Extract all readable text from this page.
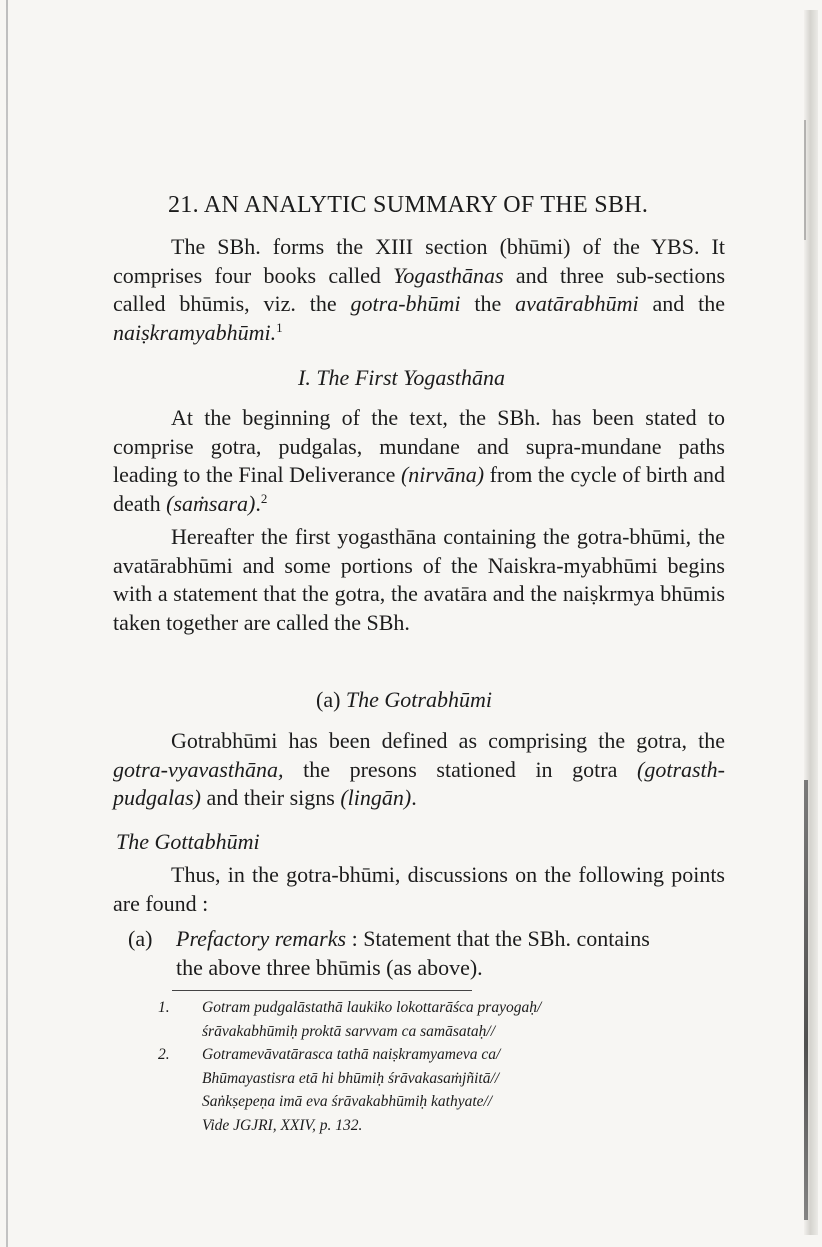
21. AN ANALYTIC SUMMARY OF THE SBH.

The SBh. forms the XIII section (bhūmi) of the YBS. It comprises four books called Yogasthānas and three sub-sections called bhūmis, viz. the gotra-bhūmi the avatārabhūmi and the naiṣkramyabhūmi.$^1$

I. The First Yogasthāna

At the beginning of the text, the SBh. has been stated to comprise gotra, pudgalas, mundane and supra-mundane paths leading to the Final Deliverance (nirvāna) from the cycle of birth and death (saṁsara).$^2$

Hereafter the first yogasthāna containing the gotra-bhūmi, the avatārabhūmi and some portions of the Naiskra-myabhūmi begins with a statement that the gotra, the avatāra and the naiṣkrmya bhūmis taken together are called the SBh.

(a) The Gotrabhūmi

Gotrabhūmi has been defined as comprising the gotra, the gotra-vyavasthāna, the presons stationed in gotra (gotrasth-pudgalas) and their signs (lingān).

The Gottabhūmi

Thus, in the gotra-bhūmi, discussions on the following points are found :

(a) Prefactory remarks : Statement that the SBh. contains
the above three bhūmis (as above).
1.	Gotram pudgalāstathā laukiko lokottarāśca prayogaḥ/
śrāvakabhūmiḥ proktā sarvvam ca samāsataḥ//
2.	Gotramevāvatārasca tathā naiṣkramyameva ca/
Bhūmayastisra etā hi bhūmiḥ śrāvakasaṁjñitā//
Saṅkṣepeṇa imā eva śrāvakabhūmiḥ kathyate//
Vide JGJRI, XXIV, p. 132.
